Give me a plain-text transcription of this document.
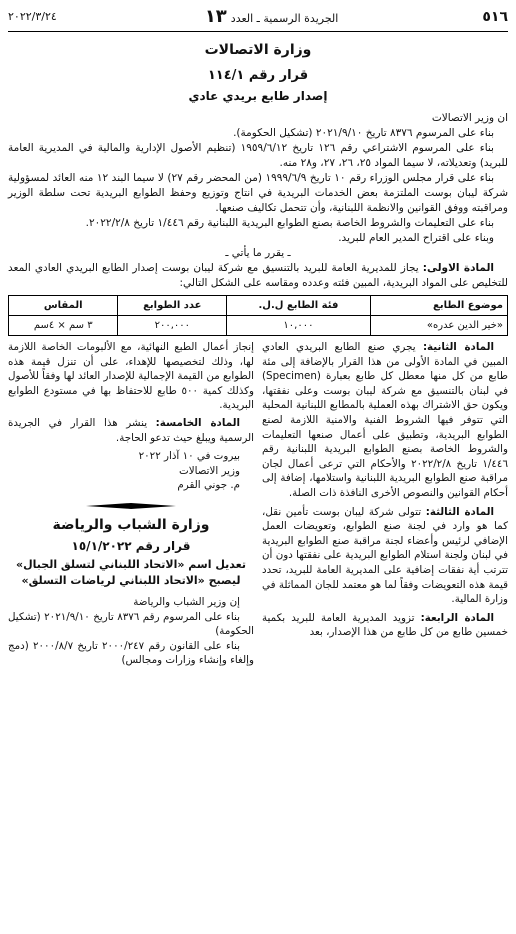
٥١٦
الجريدة الرسمية ـ العدد١٣
٢٠٢٢/٣/٢٤
وزارة الاتصالات
قرار رقم ١١٤/١
إصدار طابع بريدي عادي

ان وزير الاتصالات

بناء على المرسوم ٨٣٧٦ تاريخ ٢٠٢١/٩/١٠ (تشكيل الحكومة).

بناء على المرسوم الاشتراعي رقم ١٢٦ تاريخ ١٩٥٩/٦/١٢ (تنظيم الأصول الإدارية والمالية في المديرية العامة للبريد) وتعديلاته، لا سيما المواد ٢٥، ٢٦، ٢٧، و٢٨ منه.

بناء على قرار مجلس الوزراء رقم ١٠ تاريخ ١٩٩٩/٦/٩ (من المحضر رقم ٢٧) لا سيما البند ١٢ منه العائد لمسؤولية شركة ليبان بوست الملتزمة بعض الخدمات البريدية في انتاج وتوزيع وحفظ الطوابع البريدية تحت سلطة الوزير ومراقبته ووفق القوانين والانظمة اللبنانية، وأن تتحمل تكاليف صنعها.

بناء على التعليمات والشروط الخاصة بصنع الطوابع البريدية اللبنانية رقم ١/٤٤٦ تاريخ ٢٠٢٢/٢/٨.

وبناء على اقتراح المدير العام للبريد.

ـ يقرر ما يأتي ـ

المادة الاولى: يجاز للمديرية العامة للبريد بالتنسيق مع شركة ليبان بوست إصدار الطابع البريدي العادي المعد للتخليص على المواد البريدية، المبين فئته وعدده ومقاسه على الشكل التالي:

موضوع الطابع	فئة الطابع ل.ل.	عدد الطوابع	المقاس
«خير الدين عدره»	١٠,٠٠٠	٢٠٠,٠٠٠	٣ سم × ٤سم

المادة الثانية: يجري صنع الطابع البريدي العادي المبين في المادة الأولى من هذا القرار بالإضافة إلى مئة طابع من كل منها معطل كل طابع بعبارة (Specimen) في لبنان بالتنسيق مع شركة ليبان بوست وعلى نفقتها، ويكون حق الاشتراك بهذه العملية بالمطابع اللبنانية المحلية التي تتوفر فيها الشروط الفنية والامنية اللازمة لصنع الطوابع البريدية، وتطبيق على أعمال صنعها التعليمات والشروط الخاصة بصنع الطوابع البريدية اللبنانية رقم ١/٤٤٦ تاريخ ٢٠٢٢/٢/٨ والأحكام التي ترعى أعمال لجان مراقبة صنع الطوابع البريدية اللبنانية واستلامها، إضافة إلى أحكام القوانين والنصوص الأخرى النافذة ذات الصلة.

المادة الثالثة: تتولى شركة ليبان بوست تأمين نقل، كما هو وارد في لجنة صنع الطوابع، وتعويضات العمل الإضافي لرئيس وأعضاء لجنة مراقبة صنع الطوابع البريدية في لبنان ولجنة استلام الطوابع البريدية على نفقتها دون أن تترتب أية نفقات إضافية على المديرية العامة للبريد، تحدد قيمة هذه التعويضات وفقاً لما هو معتمد للجان المماثلة في وزارة المالية.

المادة الرابعة: تزويد المديرية العامة للبريد بكمية خمسين طابع من كل طابع من هذا الإصدار، بعد

إنجاز أعمال الطبع النهائية، مع الألبومات الخاصة اللازمة لها، وذلك لتخصيصها للإهداء، على أن تنزل قيمة هذه الطوابع من القيمة الإجمالية للإصدار العائد لها وفقاً للأصول وكذلك كمية ٥٠٠ طابع للاحتفاظ بها في مستودع الطوابع البريدية.

المادة الخامسة: ينشر هذا القرار في الجريدة الرسمية ويبلغ حيث تدعو الحاجة.

بيروت في ١٠ آذار ٢٠٢٢
وزير الاتصالات
م. جوني القرم
وزارة الشباب والرياضة
قرار رقم ١٥/١/٢٠٢٢
تعديل اسم «الاتحاد اللبناني لتسلق الجبال»
ليصبح «الاتحاد اللبناني لرياضات التسلق»

إن وزير الشباب والرياضة

بناء على المرسوم رقم ٨٣٧٦ تاريخ ٢٠٢١/٩/١٠ (تشكيل الحكومة)

بناء على القانون رقم ٢٠٠٠/٢٤٧ تاريخ ٢٠٠٠/٨/٧ (دمج وإلغاء وإنشاء وزارات ومجالس)
